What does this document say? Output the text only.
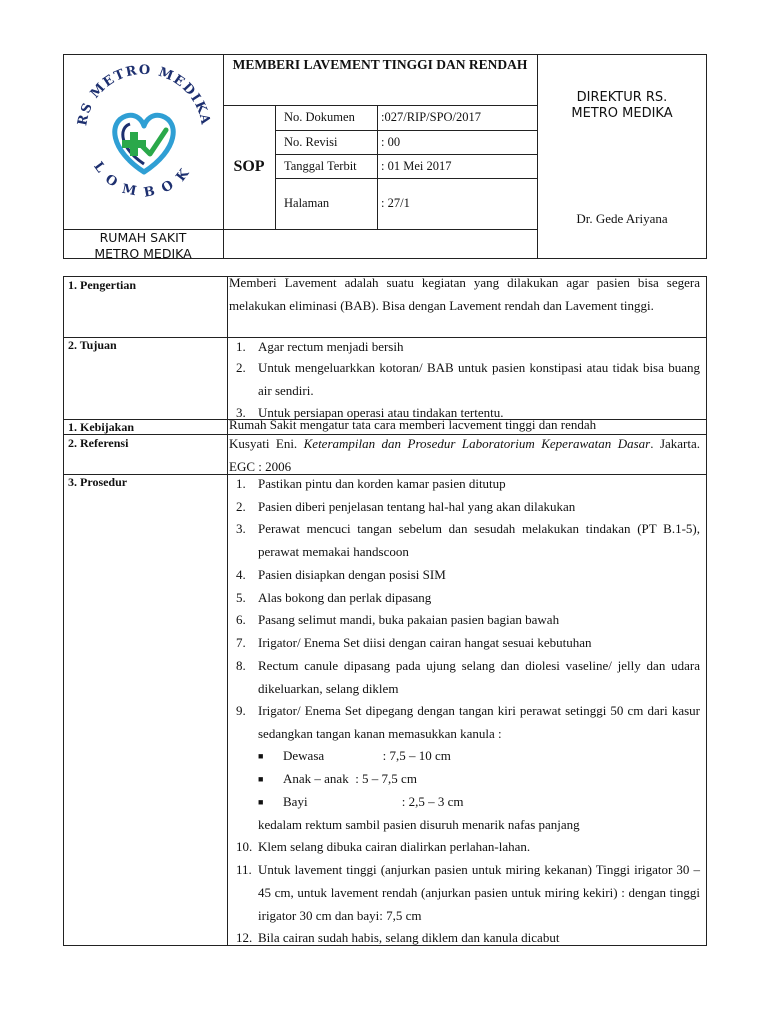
RS METRO MEDIKA
LOMBOK
MEMBERI LAVEMENT TINGGI DAN RENDAH
SOP
No. Dokumen :027/RIP/SPO/2017
No. Revisi	: 00
Tanggal Terbit : 01 Mei 2017
Halaman	: 27/1
DIREKTUR RS.
METRO MEDIKA
Dr. Gede Ariyana
RUMAH SAKIT
METRO MEDIKA
1. Pengertian	Memberi Lavement adalah suatu kegiatan yang dilakukan agar pasien bisa segera melakukan eliminasi (BAB). Bisa dengan Lavement rendah dan Lavement tinggi.
2. Tujuan	1. Agar rectum menjadi bersih
2. Untuk mengeluarkkan kotoran/ BAB untuk pasien konstipasi atau tidak bisa buang air sendiri.
3. Untuk persiapan operasi atau tindakan tertentu.
1. Kebijakan	Rumah Sakit mengatur tata cara memberi lacvement tinggi dan rendah
2. Referensi	Kusyati Eni. Keterampilan dan Prosedur Laboratorium Keperawatan Dasar. Jakarta. EGC : 2006
3. Prosedur	1. Pastikan pintu dan korden kamar pasien ditutup
2. Pasien diberi penjelasan tentang hal-hal yang akan dilakukan
3. Perawat mencuci tangan sebelum dan sesudah melakukan tindakan (PT B.1-5), perawat memakai handscoon
4. Pasien disiapkan dengan posisi SIM
5. Alas bokong dan perlak dipasang
6. Pasang selimut mandi, buka pakaian pasien bagian bawah
7. Irigator/ Enema Set diisi dengan cairan hangat sesuai kebutuhan
8. Rectum canule dipasang pada ujung selang dan diolesi vaseline/ jelly dan udara dikeluarkan, selang diklem
9. Irigator/ Enema Set dipegang dengan tangan kiri perawat setinggi 50 cm dari kasur sedangkan tangan kanan memasukkan kanula :
■ Dewasa                  : 7,5 – 10 cm
■ Anak – anak  : 5 – 7,5 cm
■ Bayi                             : 2,5 – 3 cm
kedalam rektum sambil pasien disuruh menarik nafas panjang
10. Klem selang dibuka cairan dialirkan perlahan-lahan.
11. Untuk lavement tinggi (anjurkan pasien untuk miring kekanan) Tinggi irigator 30 – 45 cm, untuk lavement rendah (anjurkan pasien untuk miring kekiri) : dengan tinggi irigator 30 cm dan bayi: 7,5 cm
12. Bila cairan sudah habis, selang diklem dan kanula dicabut
